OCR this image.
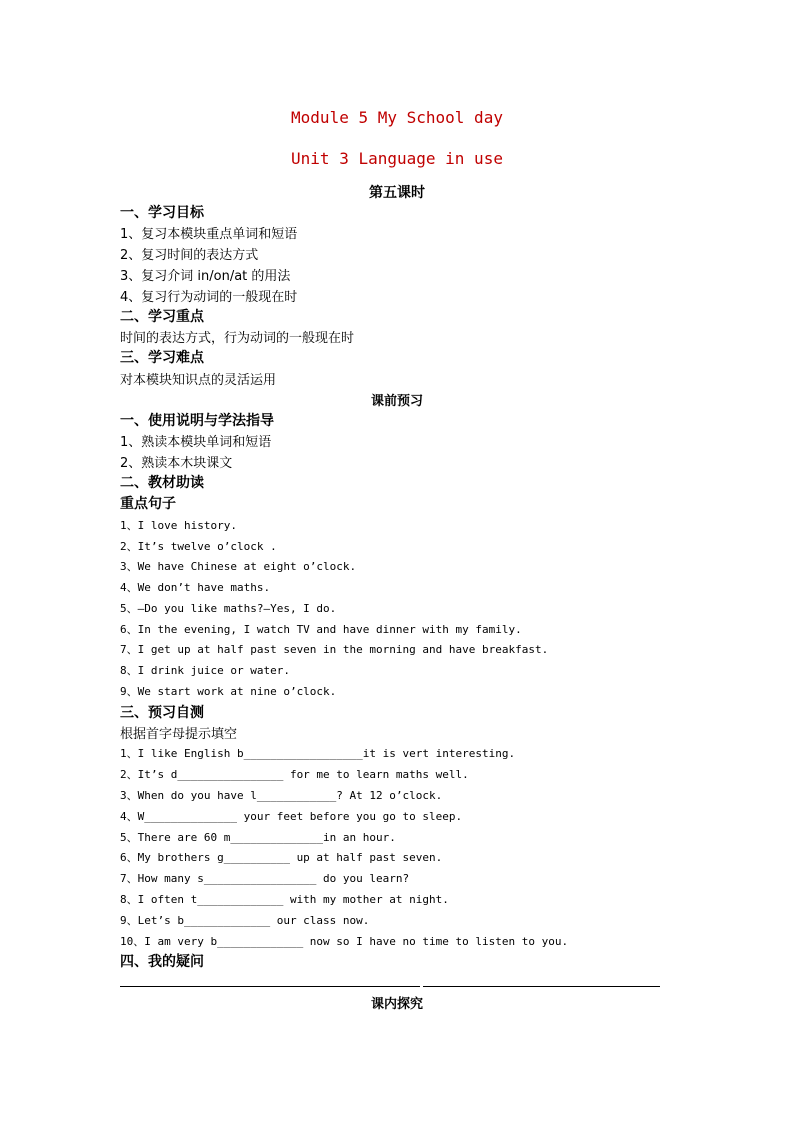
Module 5 My School day
Unit 3 Language in use
第五课时
一、学习目标
1、复习本模块重点单词和短语
2、复习时间的表达方式
3、复习介词 in/on/at 的用法
4、复习行为动词的一般现在时
二、学习重点
时间的表达方式，行为动词的一般现在时
三、学习难点
对本模块知识点的灵活运用
课前预习
一、使用说明与学法指导
1、熟读本模块单词和短语
2、熟读本木块课文
二、教材助读
重点句子
1、I love history.
2、It’s twelve o’clock .
3、We have Chinese at eight o’clock.
4、We don’t have maths.
5、—Do you like maths?—Yes, I do.
6、In the evening, I watch TV and have dinner with my family.
7、I get up at half past seven in the morning and have breakfast.
8、I drink juice or water.
9、We start work at nine o’clock.
三、预习自测
根据首字母提示填空
1、I like English b__________________it is vert interesting.
2、It’s d________________ for me to learn maths well.
3、When do you have l____________? At 12 o’clock.
4、W______________ your feet before you go to sleep.
5、There are 60 m______________in an hour.
6、My brothers g__________ up at half past seven.
7、How many s_________________ do you learn?
8、I often t_____________ with my mother at night.
9、Let’s b_____________ our class now.
10、I am very b_____________ now so I have no time to listen to you.
四、我的疑问
课内探究
